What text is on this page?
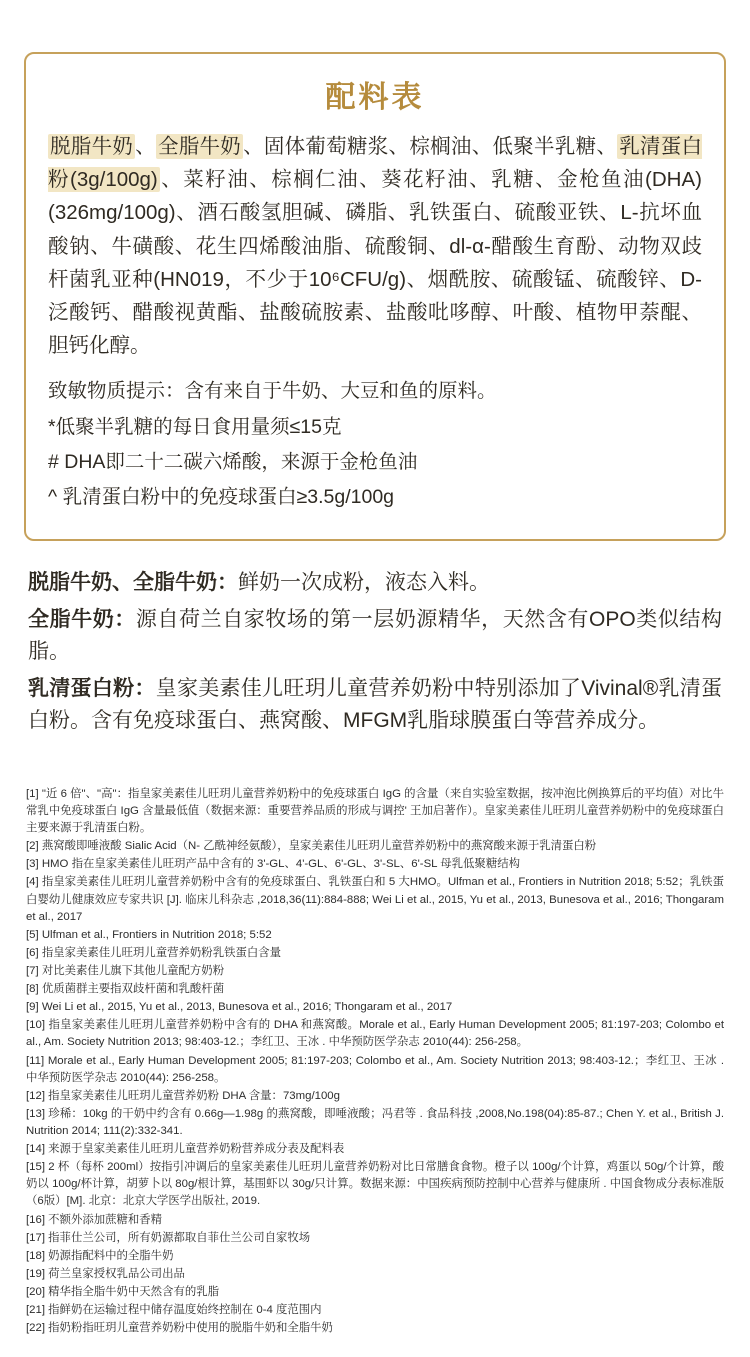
配料表
脱脂牛奶、全脂牛奶、固体葡萄糖浆、棕榈油、低聚半乳糖、乳清蛋白粉(3g/100g)、菜籽油、棕榈仁油、葵花籽油、乳糖、金枪鱼油(DHA)(326mg/100g)、酒石酸氢胆碱、磷脂、乳铁蛋白、硫酸亚铁、L-抗坏血酸钠、牛磺酸、花生四烯酸油脂、硫酸铜、dl-α-醋酸生育酚、动物双歧杆菌乳亚种(HN019，不少于10⁶CFU/g)、烟酰胺、硫酸锰、硫酸锌、D-泛酸钙、醋酸视黄酯、盐酸硫胺素、盐酸吡哆醇、叶酸、植物甲萘醌、胆钙化醇。
致敏物质提示：含有来自于牛奶、大豆和鱼的原料。
*低聚半乳糖的每日食用量须≤15克
# DHA即二十二碳六烯酸，来源于金枪鱼油
^ 乳清蛋白粉中的免疫球蛋白≥3.5g/100g

脱脂牛奶、全脂牛奶：鲜奶一次成粉，液态入料。

全脂牛奶：源自荷兰自家牧场的第一层奶源精华，天然含有OPO类似结构脂。

乳清蛋白粉：皇家美素佳儿旺玥儿童营养奶粉中特别添加了Vivinal®乳清蛋白粉。含有免疫球蛋白、燕窝酸、MFGM乳脂球膜蛋白等营养成分。

[1] "近 6 倍"、"高"：指皇家美素佳儿旺玥儿童营养奶粉中的免疫球蛋白 IgG 的含量（来自实验室数据，按冲泡比例换算后的平均值）对比牛常乳中免疫球蛋白 IgG 含量最低值（数据来源：重要营养品质的形成与调控' 王加启著作）。皇家美素佳儿旺玥儿童营养奶粉中的免疫球蛋白主要来源于乳清蛋白粉。
[2] 燕窝酸即唾液酸 Sialic Acid（N- 乙酰神经氨酸），皇家美素佳儿旺玥儿童营养奶粉中的燕窝酸来源于乳清蛋白粉
[3] HMO 指在皇家美素佳儿旺玥产品中含有的 3'-GL、4'-GL、6'-GL、3'-SL、6'-SL 母乳低聚糖结构
[4] 指皇家美素佳儿旺玥儿童营养奶粉中含有的免疫球蛋白、乳铁蛋白和 5 大HMO。Ulfman et al., Frontiers in Nutrition 2018; 5:52；乳铁蛋白婴幼儿健康效应专家共识 [J]. 临床儿科杂志 ,2018,36(11):884-888; Wei Li et al., 2015, Yu et al., 2013, Bunesova et al., 2016; Thongaram et al., 2017
[5] Ulfman et al., Frontiers in Nutrition 2018; 5:52
[6] 指皇家美素佳儿旺玥儿童营养奶粉乳铁蛋白含量
[7] 对比美素佳儿旗下其他儿童配方奶粉
[8] 优质菌群主要指双歧杆菌和乳酸杆菌
[9] Wei Li et al., 2015, Yu et al., 2013, Bunesova et al., 2016; Thongaram et al., 2017
[10] 指皇家美素佳儿旺玥儿童营养奶粉中含有的 DHA 和燕窝酸。Morale et al., Early Human Development 2005; 81:197-203; Colombo et al., Am. Society Nutrition 2013; 98:403-12.；李红卫、王冰 . 中华预防医学杂志 2010(44): 256-258。
[11] Morale et al., Early Human Development 2005; 81:197-203; Colombo et al., Am. Society Nutrition 2013; 98:403-12.；李红卫、王冰 . 中华预防医学杂志 2010(44): 256-258。
[12] 指皇家美素佳儿旺玥儿童营养奶粉 DHA 含量：73mg/100g
[13] 珍稀：10kg 的干奶中约含有 0.66g—1.98g 的燕窝酸，即唾液酸；冯君等 . 食品科技 ,2008,No.198(04):85-87.; Chen Y. et al., British J. Nutrition 2014; 111(2):332-341.
[14] 来源于皇家美素佳儿旺玥儿童营养奶粉营养成分表及配料表
[15] 2 杯（每杯 200ml）按指引冲调后的皇家美素佳儿旺玥儿童营养奶粉对比日常膳食食物。橙子以 100g/个计算，鸡蛋以 50g/个计算，酸奶以 100g/杯计算，胡萝卜以 80g/根计算，基围虾以 30g/只计算。数据来源：中国疾病预防控制中心营养与健康所 . 中国食物成分表标准版（6版）[M]. 北京：北京大学医学出版社, 2019.
[16] 不额外添加蔗糖和香精
[17] 指菲仕兰公司，所有奶源都取自菲仕兰公司自家牧场
[18] 奶源指配料中的全脂牛奶
[19] 荷兰皇家授权乳品公司出品
[20] 精华指全脂牛奶中天然含有的乳脂
[21] 指鲜奶在运输过程中储存温度始终控制在 0-4 度范围内
[22] 指奶粉指旺玥儿童营养奶粉中使用的脱脂牛奶和全脂牛奶
